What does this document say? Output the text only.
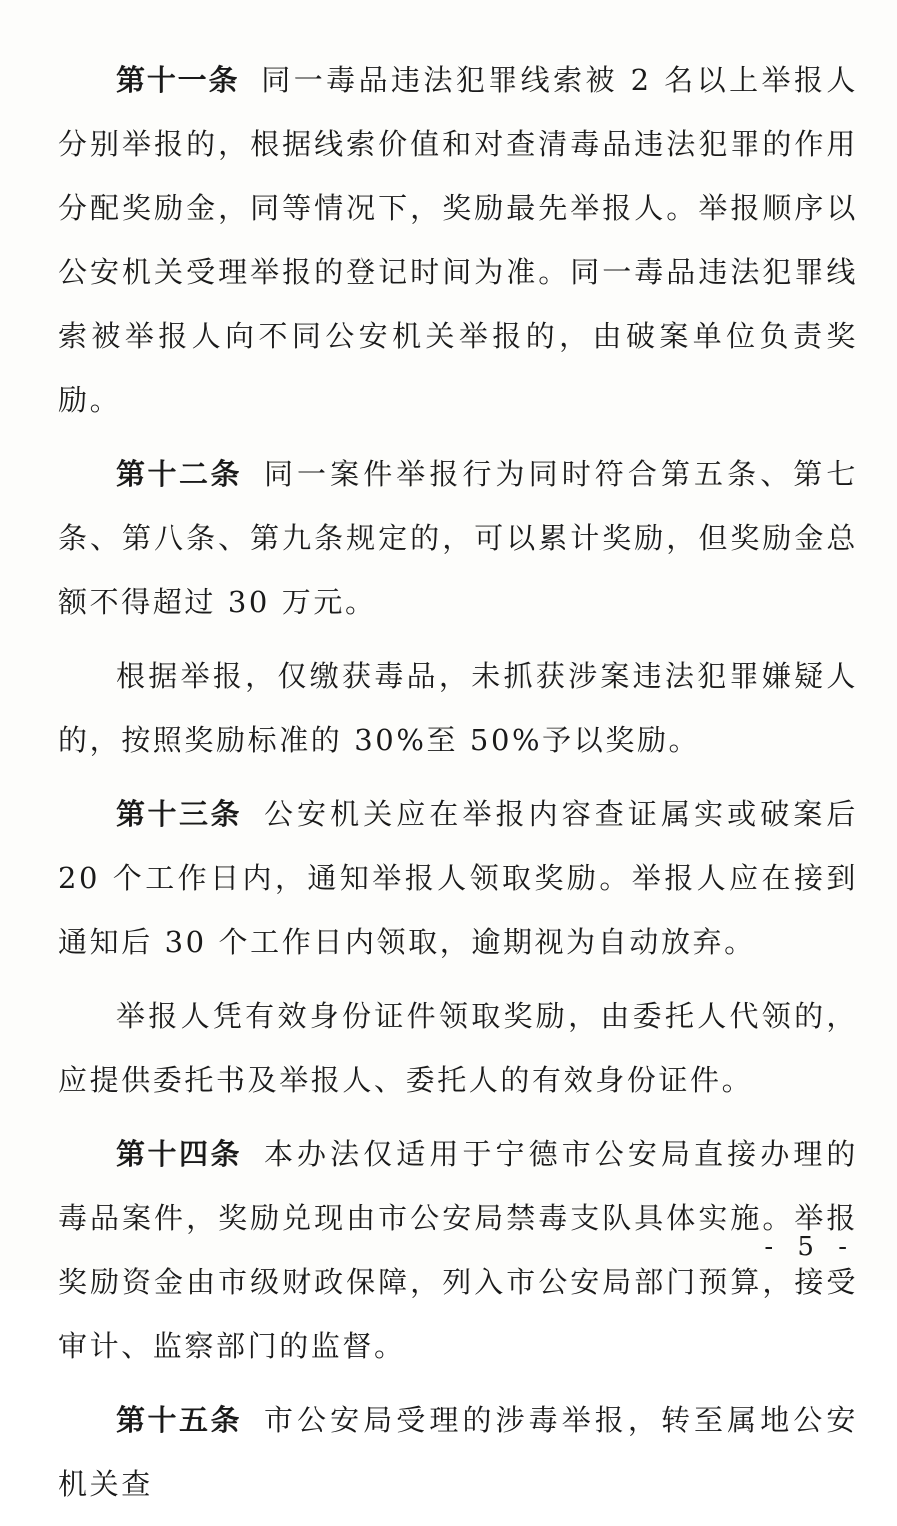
第十一条 同一毒品违法犯罪线索被 2 名以上举报人分别举报的，根据线索价值和对查清毒品违法犯罪的作用分配奖励金，同等情况下，奖励最先举报人。举报顺序以公安机关受理举报的登记时间为准。同一毒品违法犯罪线索被举报人向不同公安机关举报的，由破案单位负责奖励。

第十二条 同一案件举报行为同时符合第五条、第七条、第八条、第九条规定的，可以累计奖励，但奖励金总额不得超过 30 万元。

根据举报，仅缴获毒品，未抓获涉案违法犯罪嫌疑人的，按照奖励标准的 30%至 50%予以奖励。

第十三条 公安机关应在举报内容查证属实或破案后 20 个工作日内，通知举报人领取奖励。举报人应在接到通知后 30 个工作日内领取，逾期视为自动放弃。

举报人凭有效身份证件领取奖励，由委托人代领的，应提供委托书及举报人、委托人的有效身份证件。

第十四条 本办法仅适用于宁德市公安局直接办理的毒品案件，奖励兑现由市公安局禁毒支队具体实施。举报奖励资金由市级财政保障，列入市公安局部门预算，接受审计、监察部门的监督。

第十五条 市公安局受理的涉毒举报，转至属地公安机关查

- 5 -
